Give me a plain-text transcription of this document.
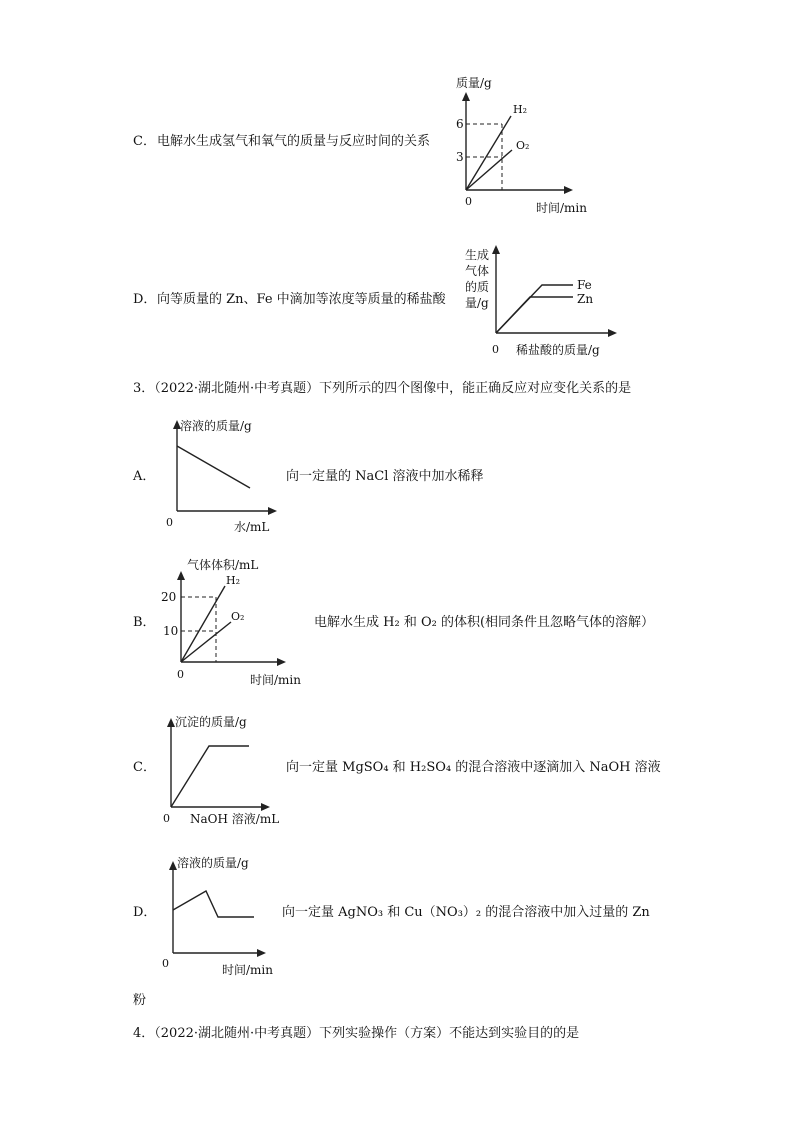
C． 电解水生成氢气和氧气的质量与反应时间的关系
质量/g
6
3
0	时间/min
H₂
O₂
D． 向等质量的 Zn、Fe 中滴加等浓度等质量的稀盐酸
生成
气体
的质
量/g
0 稀盐酸的质量/g
Fe
Zn
3．（2022·湖北随州·中考真题）下列所示的四个图像中，能正确反应对应变化关系的是
A．
溶液的质量/g
0	水/mL
向一定量的 NaCl 溶液中加水稀释
B．
气体体积/mL
H₂
20
10
O₂
0	时间/min
电解水生成 H₂ 和 O₂ 的体积(相同条件且忽略气体的溶解）
C．
沉淀的质量/g
0 NaOH 溶液/mL
向一定量 MgSO₄ 和 H₂SO₄ 的混合溶液中逐滴加入 NaOH 溶液
D．
溶液的质量/g
0	时间/min
向一定量 AgNO₃ 和 Cu（NO₃）₂ 的混合溶液中加入过量的 Zn
粉
4．（2022·湖北随州·中考真题）下列实验操作（方案）不能达到实验目的的是
